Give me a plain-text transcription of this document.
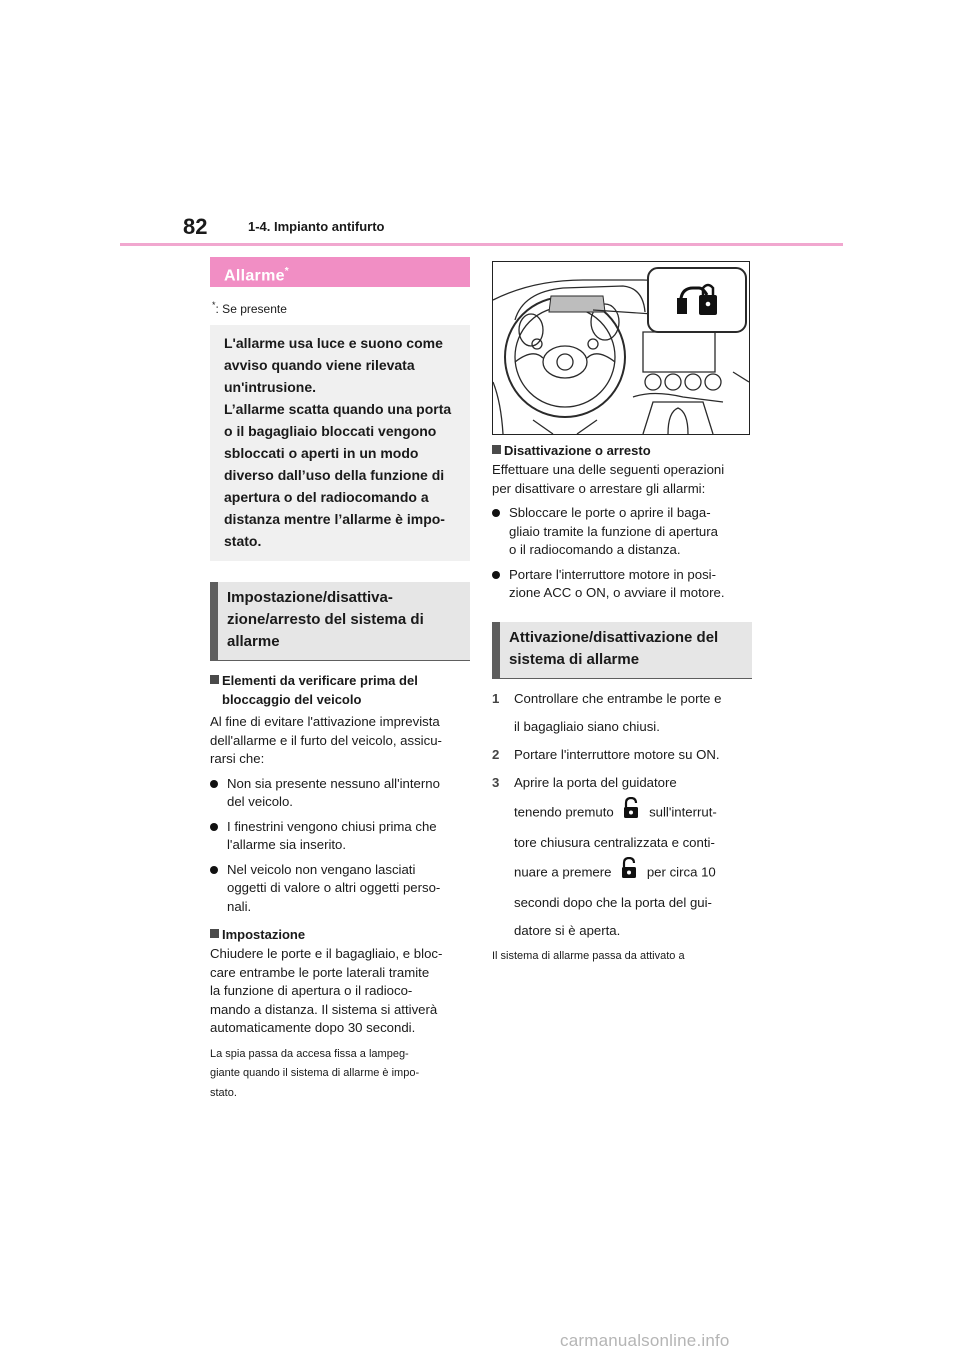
82	1-4. Impianto antifurto
Allarme*
*: Se presente
L'allarme usa luce e suono come
avviso quando viene rilevata
un'intrusione.
L’allarme scatta quando una porta
o il bagagliaio bloccati vengono
sbloccati o aperti in un modo
diverso dall’uso della funzione di
apertura o del radiocomando a
distanza mentre l’allarme è impo-
stato.
Impostazione/disattiva-
zione/arresto del sistema di
allarme
Elementi da verificare prima del
bloccaggio del veicolo
Al fine di evitare l'attivazione imprevista
dell'allarme e il furto del veicolo, assicu-
rarsi che:
Non sia presente nessuno all'interno
del veicolo.
I finestrini vengono chiusi prima che
l'allarme sia inserito.
Nel veicolo non vengano lasciati
oggetti di valore o altri oggetti perso-
nali.
Impostazione
Chiudere le porte e il bagagliaio, e bloc-
care entrambe le porte laterali tramite
la funzione di apertura o il radioco-
mando a distanza. Il sistema si attiverà
automaticamente dopo 30 secondi.
La spia passa da accesa fissa a lampeg-
giante quando il sistema di allarme è impo-
stato.
Disattivazione o arresto
Effettuare una delle seguenti operazioni
per disattivare o arrestare gli allarmi:
Sbloccare le porte o aprire il baga-
gliaio tramite la funzione di apertura
o il radiocomando a distanza.
Portare l'interruttore motore in posi-
zione ACC o ON, o avviare il motore.
Attivazione/disattivazione del
sistema di allarme
1	Controllare che entrambe le porte e
il bagagliaio siano chiusi.
2	Portare l'interruttore motore su ON.
3	Aprire la porta del guidatore
tenendo premuto	sull'interrut-
tore chiusura centralizzata e conti-
nuare a premere	per circa 10
secondi dopo che la porta del gui-
datore si è aperta.
Il sistema di allarme passa da attivato a
carmanualsonline.info
